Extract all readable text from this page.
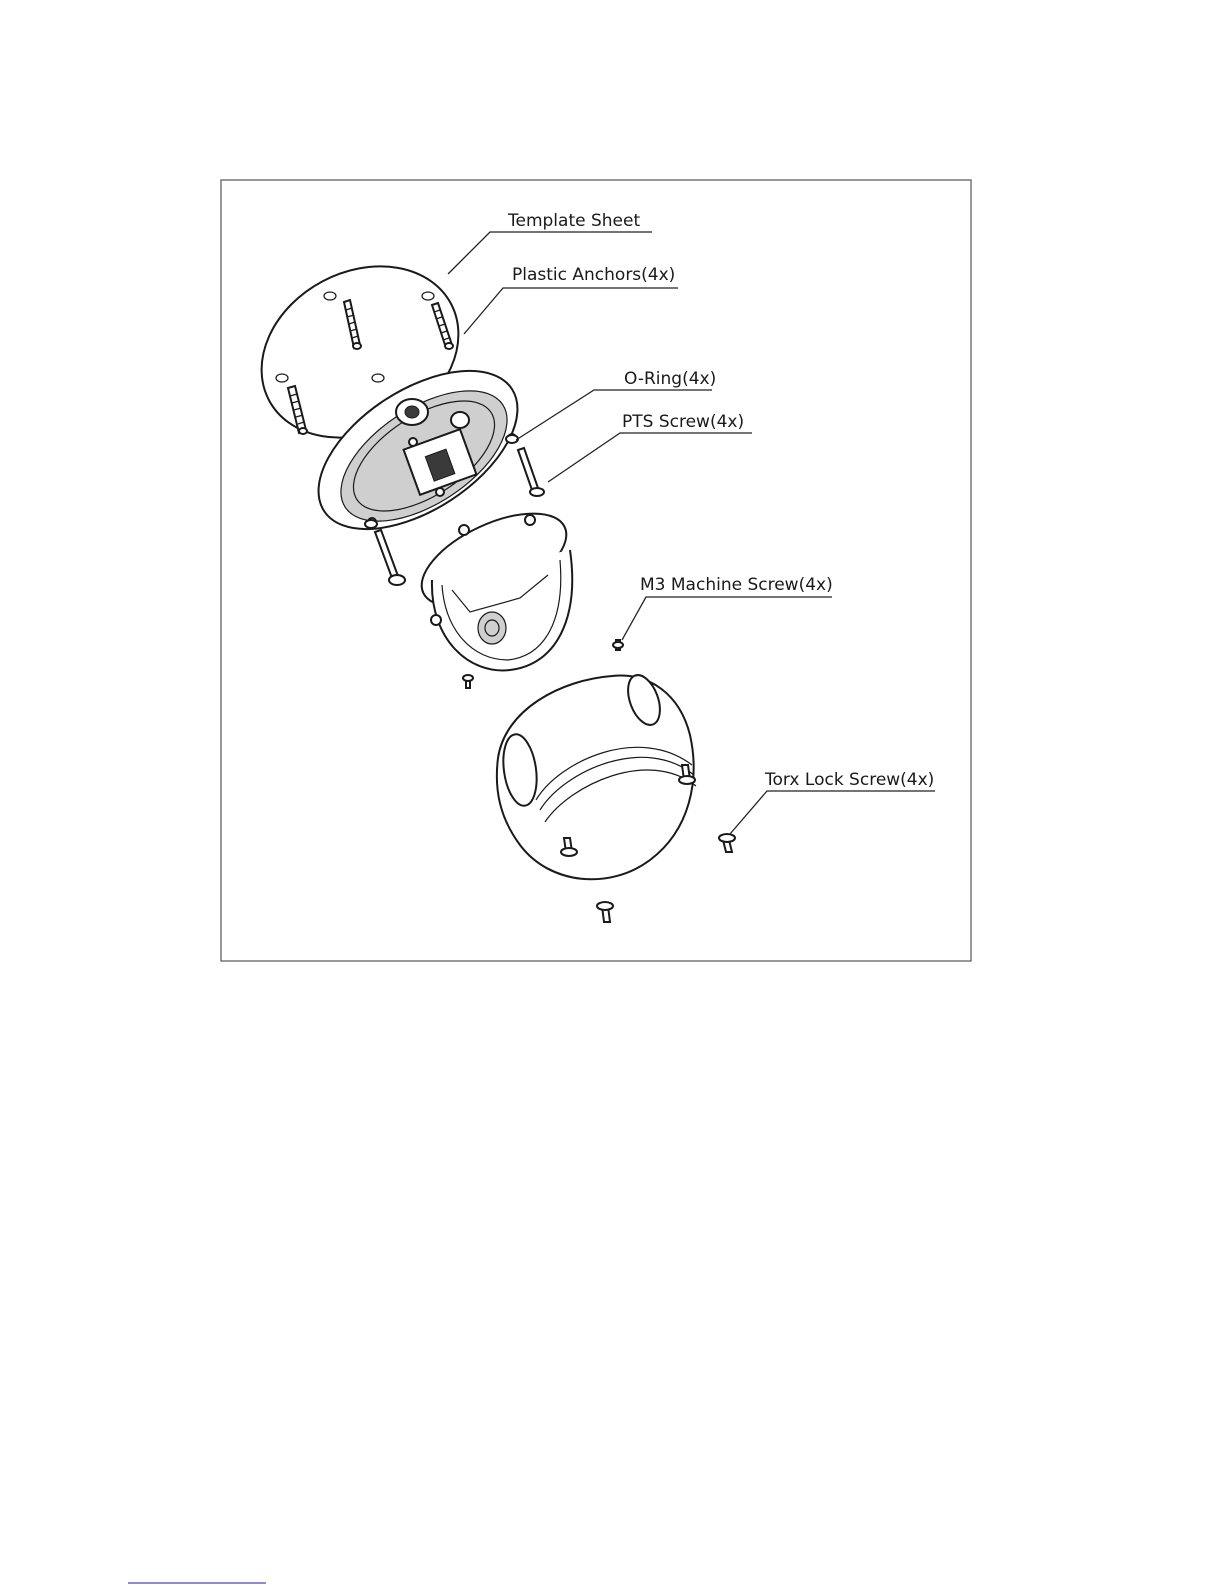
Template Sheet
Plastic Anchors(4x)
O-Ring(4x)
PTS Screw(4x)
M3 Machine Screw(4x)
Torx Lock Screw(4x)
